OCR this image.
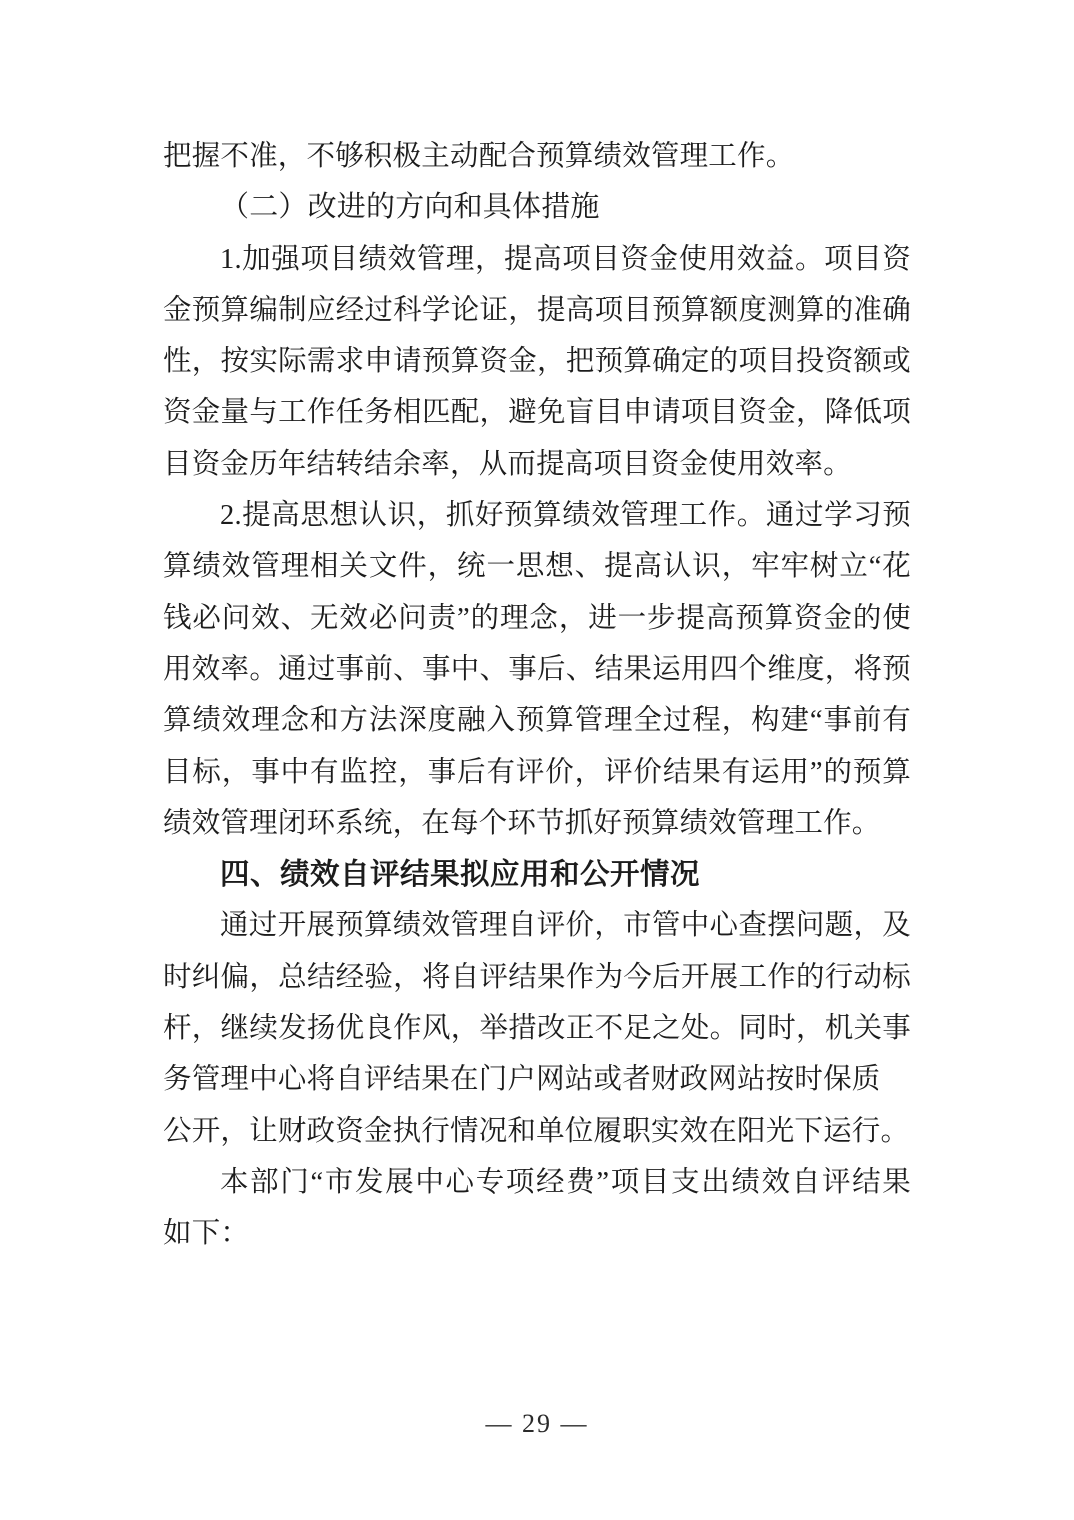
把握不准，不够积极主动配合预算绩效管理工作。
（二）改进的方向和具体措施
1.加强项目绩效管理，提高项目资金使用效益。项目资
金预算编制应经过科学论证，提高项目预算额度测算的准确
性，按实际需求申请预算资金，把预算确定的项目投资额或
资金量与工作任务相匹配，避免盲目申请项目资金，降低项
目资金历年结转结余率，从而提高项目资金使用效率。
2.提高思想认识，抓好预算绩效管理工作。通过学习预
算绩效管理相关文件，统一思想、提高认识，牢牢树立“花
钱必问效、无效必问责”的理念，进一步提高预算资金的使
用效率。通过事前、事中、事后、结果运用四个维度，将预
算绩效理念和方法深度融入预算管理全过程，构建“事前有
目标，事中有监控，事后有评价，评价结果有运用”的预算
绩效管理闭环系统，在每个环节抓好预算绩效管理工作。
四、绩效自评结果拟应用和公开情况
通过开展预算绩效管理自评价，市管中心查摆问题，及
时纠偏，总结经验，将自评结果作为今后开展工作的行动标
杆，继续发扬优良作风，举措改正不足之处。同时，机关事
务管理中心将自评结果在门户网站或者财政网站按时保质
公开，让财政资金执行情况和单位履职实效在阳光下运行。
本部门“市发展中心专项经费”项目支出绩效自评结果
如下：
— 29 —
